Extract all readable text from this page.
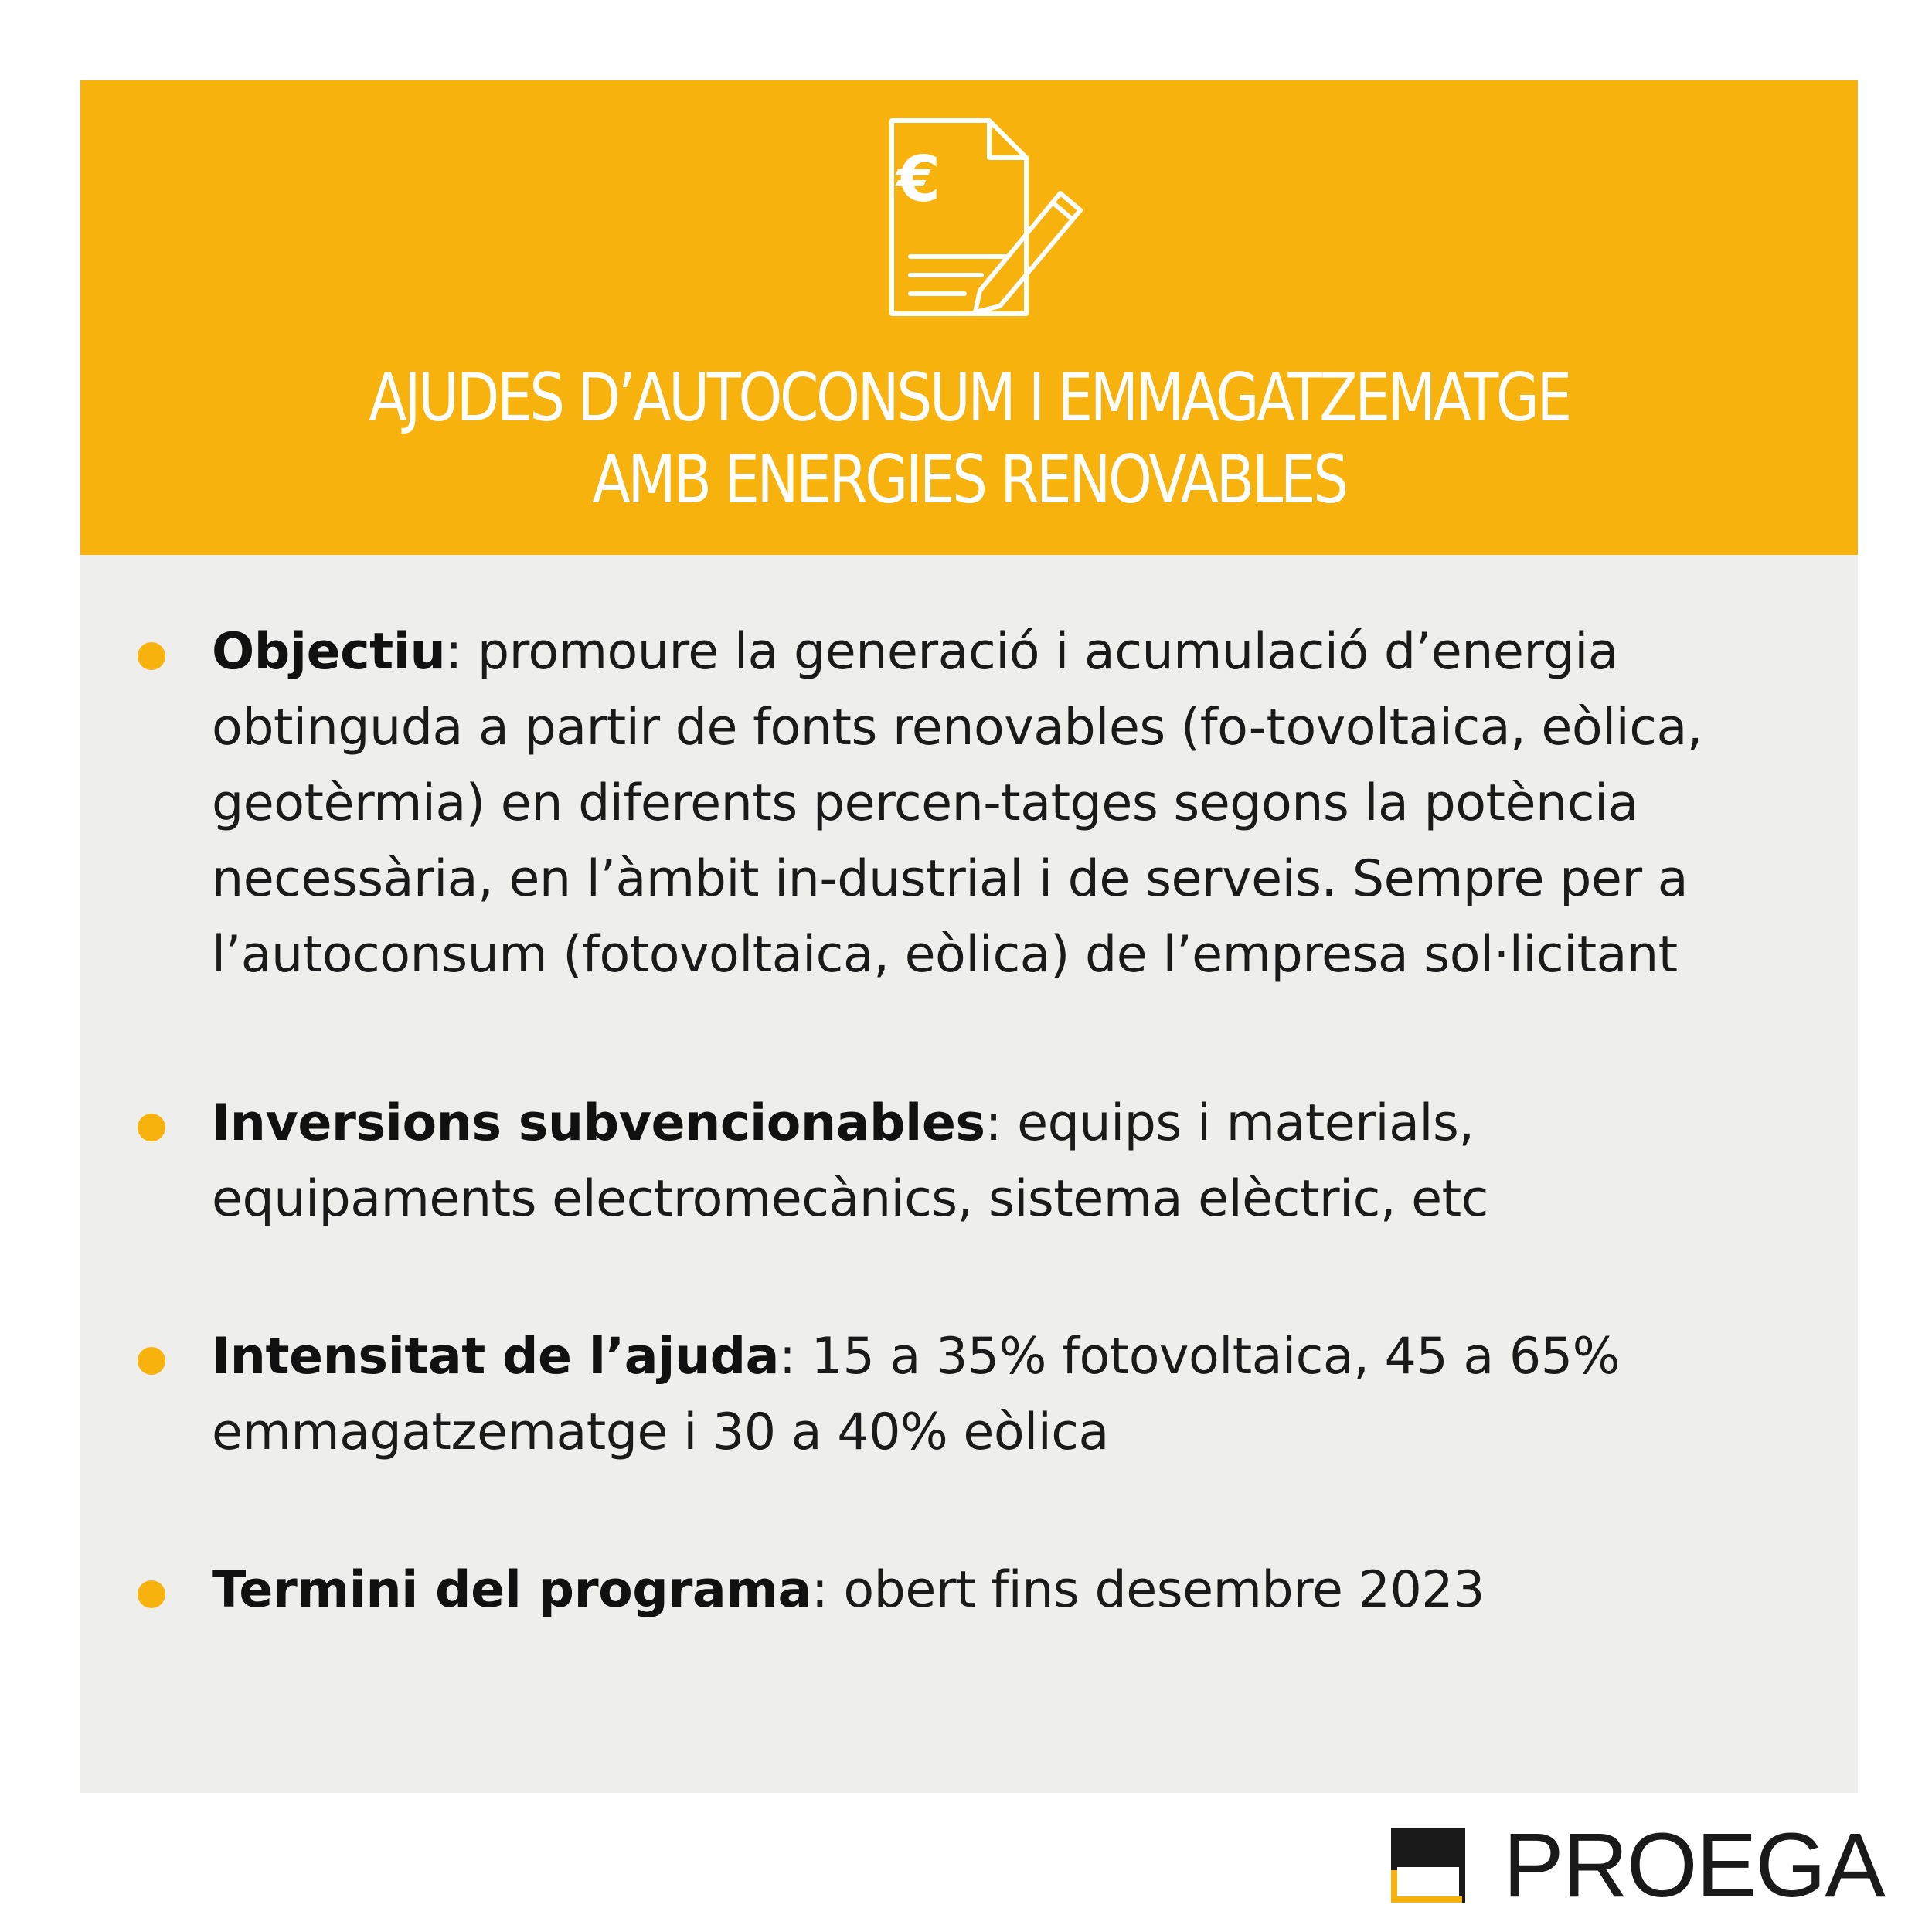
€
AJUDES D’AUTOCONSUM I EMMAGATZEMATGE
AMB ENERGIES RENOVABLES
Objectiu: promoure la generació i acumulació d’energia obtinguda a partir de fonts renovables (fo-tovoltaica, eòlica, geotèrmia) en diferents percen-tatges segons la potència necessària, en l’àmbit in-dustrial i de serveis. Sempre per a l’autoconsum (fotovoltaica, eòlica) de l’empresa sol·licitant
Inversions subvencionables: equips i materials, equipaments electromecànics, sistema elèctric, etc
Intensitat de l’ajuda: 15 a 35% fotovoltaica, 45 a 65% emmagatzematge i 30 a 40% eòlica
Termini del programa: obert fins desembre 2023
PROEGA
